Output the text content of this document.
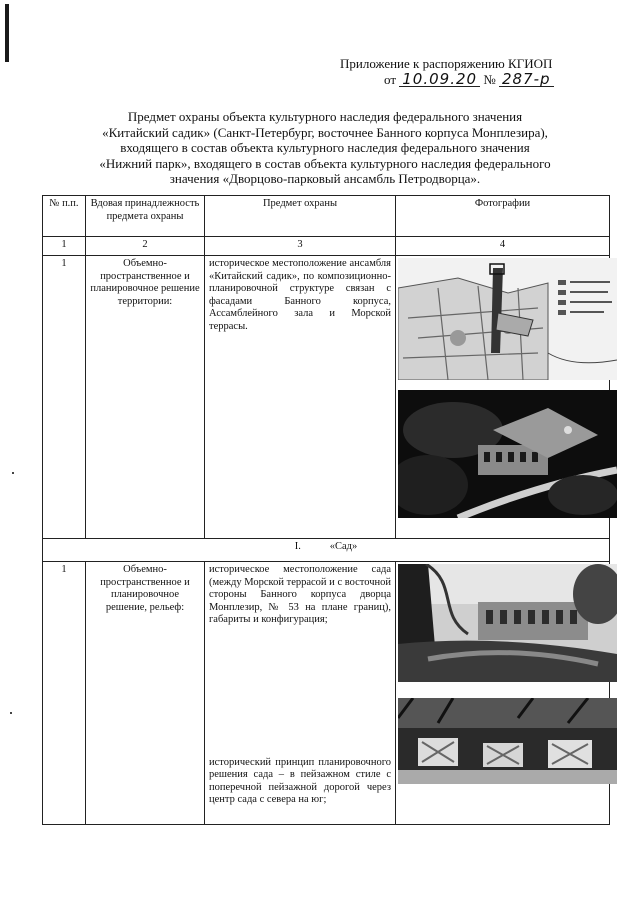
Приложение к распоряжению КГИОП
от 10.09.20 № 287-р
Предмет охраны объекта культурного наследия федерального значения
«Китайский садик» (Санкт-Петербург, восточнее Банного корпуса Монплезира),
входящего в состав объекта культурного наследия федерального значения
«Нижний парк», входящего в состав объекта культурного наследия федерального
значения «Дворцово-парковый ансамбль Петродворца».
№ п.п.	Вдовая принадлежность предмета охраны	Предмет охраны	Фотографии
1	2	3	4
1	Объемно-пространственное и планировочное решение территории:	историческое местоположение ансамбля «Китайский садик», по композиционно-планировочной структуре связан с фасадами Банного корпуса, Ассамблейного зала и Морской террасы.	

I. «Сад»			
1	Объемно-пространственное и планировочное решение, рельеф:	историческое местоположение сада (между Морской террасой и с восточной стороны Банного корпуса дворца Монплезир, № 53 на плане границ), габариты и конфигурация;
исторический принцип планировочного решения сада – в пейзажном стиле с поперечной пейзажной дорогой через центр сада с севера на юг;
